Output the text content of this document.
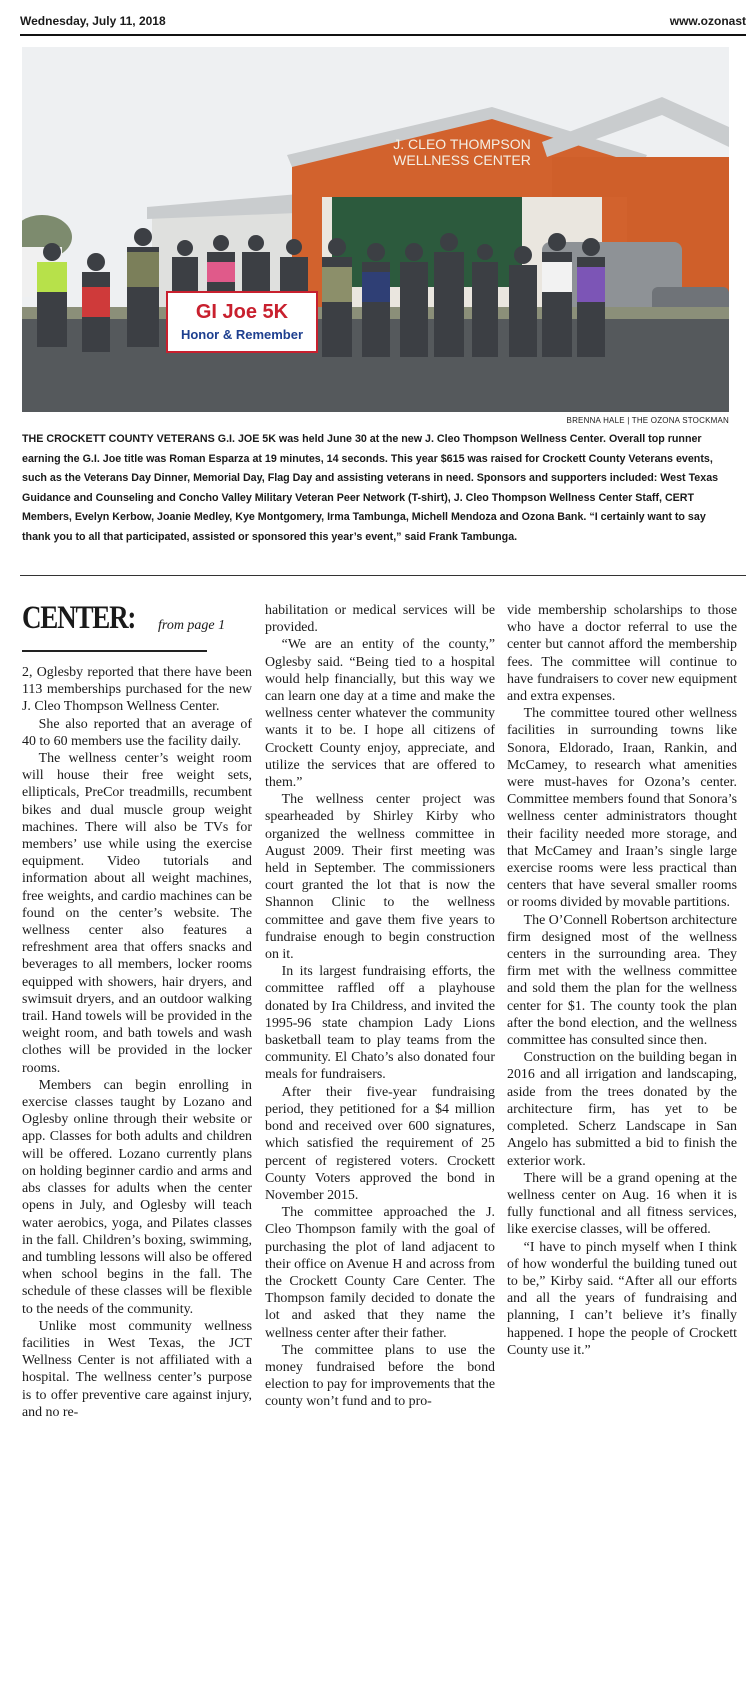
Wednesday, July 11, 2018	www.ozonast
J. CLEO THOMPSON
WELLNESS CENTER
GI Joe 5K
Honor & Remember
BRENNA HALE | THE OZONA STOCKMAN
THE CROCKETT COUNTY VETERANS G.I. JOE 5K was held June 30 at the new J. Cleo Thompson Wellness Center. Overall top runner earning the G.I. Joe title was Roman Esparza at 19 minutes, 14 seconds. This year $615 was raised for Crockett County Veterans events, such as the Veterans Day Dinner, Memorial Day, Flag Day and assisting veterans in need. Sponsors and supporters included: West Texas Guidance and Counseling and Concho Valley Military Veteran Peer Network (T-shirt), J. Cleo Thompson Wellness Center Staff, CERT Members, Evelyn Kerbow, Joanie Medley, Kye Montgomery, Irma Tambunga, Michell Mendoza and Ozona Bank. “I certainly want to say thank you to all that participated, assisted or sponsored this year’s event,” said Frank Tambunga.
CENTER: from page 1

2, Oglesby reported that there have been 113 memberships purchased for the new J. Cleo Thompson Wellness Center.

She also reported that an average of 40 to 60 members use the facility daily.

The wellness center’s weight room will house their free weight sets, ellipticals, PreCor treadmills, recumbent bikes and dual muscle group weight machines. There will also be TVs for members’ use while using the exercise equipment. Video tutorials and information about all weight machines, free weights, and cardio machines can be found on the center’s website. The wellness center also features a refreshment area that offers snacks and beverages to all members, locker rooms equipped with showers, hair dryers, and swimsuit dryers, and an outdoor walking trail. Hand towels will be provided in the weight room, and bath towels and wash clothes will be provided in the locker rooms.

Members can begin enrolling in exercise classes taught by Lozano and Oglesby online through their website or app. Classes for both adults and children will be offered. Lozano currently plans on holding beginner cardio and arms and abs classes for adults when the center opens in July, and Oglesby will teach water aerobics, yoga, and Pilates classes in the fall. Children’s boxing, swimming, and tumbling lessons will also be offered when school begins in the fall. The schedule of these classes will be flexible to the needs of the community.

Unlike most community wellness facilities in West Texas, the JCT Wellness Center is not affiliated with a hospital. The wellness center’s purpose is to offer preventive care against injury, and no re-

habilitation or medical services will be provided.

“We are an entity of the county,” Oglesby said. “Being tied to a hospital would help financially, but this way we can learn one day at a time and make the wellness center whatever the community wants it to be. I hope all citizens of Crockett County enjoy, appreciate, and utilize the services that are offered to them.”

The wellness center project was spearheaded by Shirley Kirby who organized the wellness committee in August 2009. Their first meeting was held in September. The commissioners court granted the lot that is now the Shannon Clinic to the wellness committee and gave them five years to fundraise enough to begin construction on it.

In its largest fundraising efforts, the committee raffled off a playhouse donated by Ira Childress, and invited the 1995-96 state champion Lady Lions basketball team to play teams from the community. El Chato’s also donated four meals for fundraisers.

After their five-year fundraising period, they petitioned for a $4 million bond and received over 600 signatures, which satisfied the requirement of 25 percent of registered voters. Crockett County Voters approved the bond in November 2015.

The committee approached the J. Cleo Thompson family with the goal of purchasing the plot of land adjacent to their office on Avenue H and across from the Crockett County Care Center. The Thompson family decided to donate the lot and asked that they name the wellness center after their father.

The committee plans to use the money fundraised before the bond election to pay for improvements that the county won’t fund and to pro-

vide membership scholarships to those who have a doctor referral to use the center but cannot afford the membership fees. The committee will continue to have fundraisers to cover new equipment and extra expenses.

The committee toured other wellness facilities in surrounding towns like Sonora, Eldorado, Iraan, Rankin, and McCamey, to research what amenities were must-haves for Ozona’s center. Committee members found that Sonora’s wellness center administrators thought their facility needed more storage, and that McCamey and Iraan’s single large exercise rooms were less practical than centers that have several smaller rooms or rooms divided by movable partitions.

The O’Connell Robertson architecture firm designed most of the wellness centers in the surrounding area. They firm met with the wellness committee and sold them the plan for the wellness center for $1. The county took the plan after the bond election, and the wellness committee has consulted since then.

Construction on the building began in 2016 and all irrigation and landscaping, aside from the trees donated by the architecture firm, has yet to be completed. Scherz Landscape in San Angelo has submitted a bid to finish the exterior work.

There will be a grand opening at the wellness center on Aug. 16 when it is fully functional and all fitness services, like exercise classes, will be offered.

“I have to pinch myself when I think of how wonderful the building tuned out to be,” Kirby said. “After all our efforts and all the years of fundraising and planning, I can’t believe it’s finally happened. I hope the people of Crockett County use it.”
